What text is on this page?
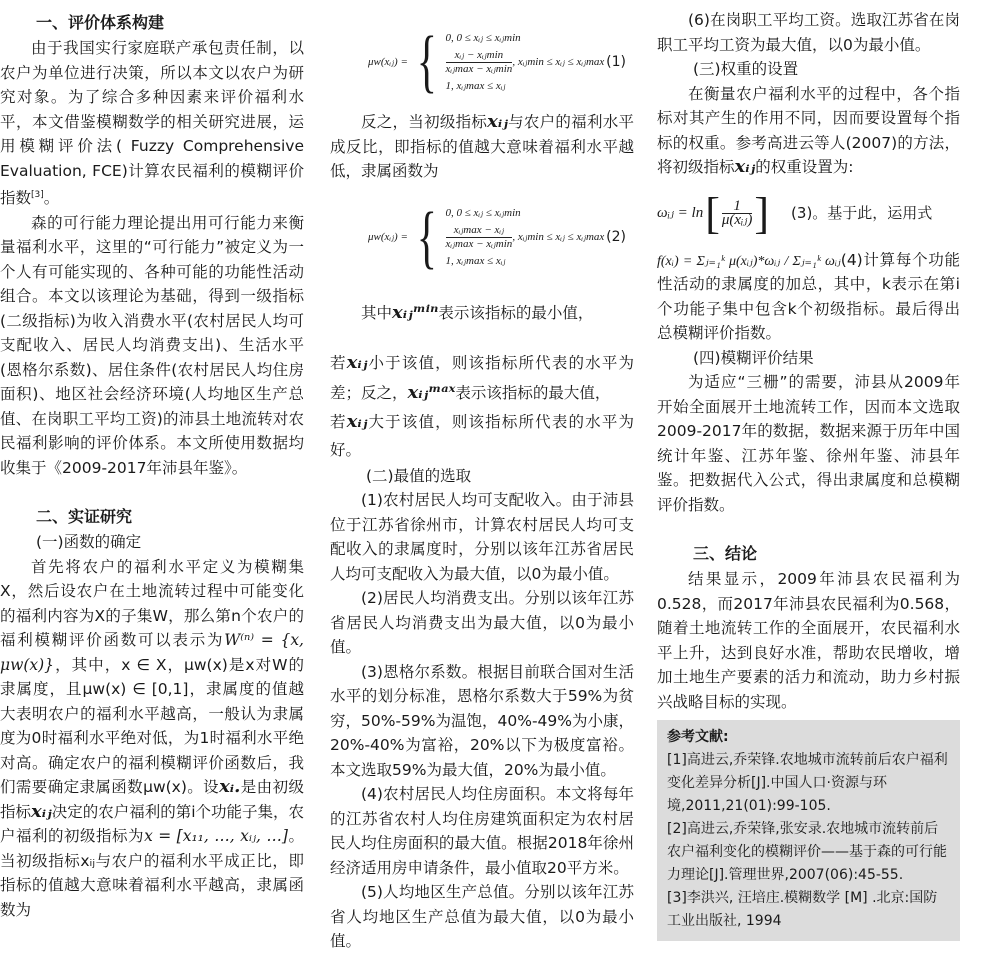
一、评价体系构建

由于我国实行家庭联产承包责任制，以农户为单位进行决策，所以本文以农户为研究对象。为了综合多种因素来评价福利水平，本文借鉴模糊数学的相关研究进展，运用模糊评价法( Fuzzy Comprehensive Evaluation, FCE)计算农民福利的模糊评价指数[3]。

森的可行能力理论提出用可行能力来衡量福利水平，这里的“可行能力”被定义为一个人有可能实现的、各种可能的功能性活动组合。本文以该理论为基础，得到一级指标(二级指标)为收入消费水平(农村居民人均可支配收入、居民人均消费支出)、生活水平(恩格尔系数)、居住条件(农村居民人均住房面积)、地区社会经济环境(人均地区生产总值、在岗职工平均工资)的沛县土地流转对农民福利影响的评价体系。本文所使用数据均收集于《2009-2017年沛县年鉴》。

二、实证研究
(一)函数的确定

首先将农户的福利水平定义为模糊集X，然后设农户在土地流转过程中可能变化的福利内容为X的子集W，那么第n个农户的福利模糊评价函数可以表示为W⁽ⁿ⁾ = {x, μw(x)}，其中，x ∈ X，μw(x)是x对W的隶属度，且μw(x) ∈ [0,1]，隶属度的值越大表明农户的福利水平越高，一般认为隶属度为0时福利水平绝对低，为1时福利水平绝对高。确定农户的福利模糊评价函数后，我们需要确定隶属函数μw(x)。设xᵢ.是由初级指标xᵢⱼ决定的农户福利的第i个功能子集，农户福利的初级指标为x = [x₁₁, …, xᵢⱼ, …]。当初级指标xᵢⱼ与农户的福利水平成正比，即指标的值越大意味着福利水平越高，隶属函数为

μw(xᵢⱼ) = { 0, 0 ≤ xᵢⱼ ≤ xᵢⱼmin
$\frac{\text{xᵢⱼ − xᵢⱼmin}}{\text{xᵢⱼmax − xᵢⱼmin}}$ , xᵢⱼmin ≤ xᵢⱼ ≤ xᵢⱼmax
1, xᵢⱼmax ≤ xᵢⱼ
(1)

反之，当初级指标xᵢⱼ与农户的福利水平成反比，即指标的值越大意味着福利水平越低，隶属函数为

μw(xᵢⱼ) = { 0, 0 ≤ xᵢⱼ ≤ xᵢⱼmin
$\frac{\text{xᵢⱼmax − xᵢⱼ}}{\text{xᵢⱼmax − xᵢⱼmin}}$ , xᵢⱼmin ≤ xᵢⱼ ≤ xᵢⱼmax
1, xᵢⱼmax ≤ xᵢⱼ
(2)

其中xᵢⱼᵐⁱⁿ表示该指标的最小值，

若xᵢⱼ小于该值，则该指标所代表的水平为差；反之，xᵢⱼᵐᵃˣ表示该指标的最大值，

若xᵢⱼ大于该值，则该指标所代表的水平为好。

(二)最值的选取

(1)农村居民人均可支配收入。由于沛县位于江苏省徐州市，计算农村居民人均可支配收入的隶属度时，分别以该年江苏省居民人均可支配收入为最大值，以0为最小值。

(2)居民人均消费支出。分别以该年江苏省居民人均消费支出为最大值，以0为最小值。

(3)恩格尔系数。根据目前联合国对生活水平的划分标准，恩格尔系数大于59%为贫穷，50%-59%为温饱，40%-49%为小康，20%-40%为富裕，20%以下为极度富裕。本文选取59%为最大值，20%为最小值。

(4)农村居民人均住房面积。本文将每年的江苏省农村人均住房建筑面积定为农村居民人均住房面积的最大值。根据2018年徐州经济适用房申请条件，最小值取20平方米。

(5)人均地区生产总值。分别以该年江苏省人均地区生产总值为最大值，以0为最小值。

(6)在岗职工平均工资。选取江苏省在岗职工平均工资为最大值，以0为最小值。

(三)权重的设置

在衡量农户福利水平的过程中，各个指标对其产生的作用不同，因而要设置每个指标的权重。参考高进云等人(2007)的方法，将初级指标xᵢⱼ的权重设置为:

ωᵢⱼ = ln [ $\frac{1}{\text{μ(xᵢⱼ)}}$ ] (3) 。基于此，运用式

f(xᵢ) = Σⱼ₌₁ᵏ μ(xᵢⱼ)*ωᵢⱼ / Σⱼ₌₁ᵏ ωᵢⱼ(4)计算每个功能性活动的隶属度的加总，其中，k表示在第i个功能子集中包含k个初级指标。最后得出总模糊评价指数。

(四)模糊评价结果

为适应“三栅”的需要，沛县从2009年开始全面展开土地流转工作，因而本文选取2009-2017年的数据，数据来源于历年中国统计年鉴、江苏年鉴、徐州年鉴、沛县年鉴。把数据代入公式，得出隶属度和总模糊评价指数。

三、结论

结果显示，2009年沛县农民福利为0.528，而2017年沛县农民福利为0.568，随着土地流转工作的全面展开，农民福利水平上升，达到良好水准，帮助农民增收，增加土地生产要素的活力和流动，助力乡村振兴战略目标的实现。

参考文献:
[1]高进云,乔荣锋.农地城市流转前后农户福利变化差异分析[J].中国人口·资源与环境,2011,21(01):99-105.
[2]高进云,乔荣锋,张安录.农地城市流转前后农户福利变化的模糊评价——基于森的可行能力理论[J].管理世界,2007(06):45-55.
[3]李洪兴, 汪培庄.模糊数学 [M] .北京:国防工业出版社, 1994
